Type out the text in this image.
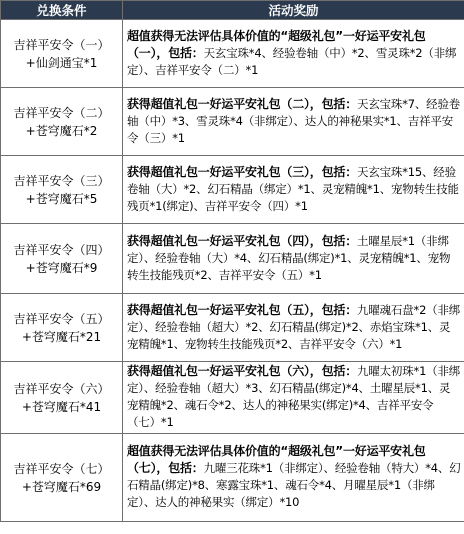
兑换条件	活动奖励

吉祥平安令（一）
+仙剑通宝*1	超值获得无法评估具体价值的“超级礼包”一好运平安礼包（一），包括：天玄宝珠*4、经验卷轴（中）*2、雪灵珠*2（非绑定）、吉祥平安令（二）*1

吉祥平安令（二）
+苍穹魔石*2	获得超值礼包一好运平安礼包（二），包括：天玄宝珠*7、经验卷轴（中）*3、雪灵珠*4（非绑定）、达人的神秘果实*1、吉祥平安令（三）*1

吉祥平安令（三）
+苍穹魔石*5	获得超值礼包一好运平安礼包（三），包括：天玄宝珠*15、经验卷轴（大）*2、幻石精晶（绑定）*1、灵宠精魄*1、宠物转生技能残页*1(绑定)、吉祥平安令（四）*1

吉祥平安令（四）
+苍穹魔石*9	获得超值礼包一好运平安礼包（四），包括：土曜星辰*1（非绑定）、经验卷轴（大）*4、幻石精晶(绑定)*1、灵宠精魄*1、宠物转生技能残页*2、吉祥平安令（五）*1

吉祥平安令（五）
+苍穹魔石*21	获得超值礼包一好运平安礼包（五），包括：九曜魂石盘*2（非绑定）、经验卷轴（超大）*2、幻石精晶(绑定)*2、赤焰宝珠*1、灵宠精魄*1、宠物转生技能残页*2、吉祥平安令（六）*1

吉祥平安令（六）
+苍穹魔石*41	获得超值礼包一好运平安礼包（六），包括：九曜太初珠*1（非绑定）、经验卷轴（超大）*3、幻石精晶(绑定)*4、土曜星辰*1、灵宠精魄*2、魂石令*2、达人的神秘果实(绑定)*4、吉祥平安令（七）*1

吉祥平安令（七）
+苍穹魔石*69	超值获得无法评估具体价值的“超级礼包”一好运平安礼包（七），包括：九曜三花珠*1（非绑定）、经验卷轴（特大）*4、幻石精晶(绑定)*8、寒露宝珠*1、魂石令*4、月曜星辰*1（非绑定）、达人的神秘果实（绑定）*10
